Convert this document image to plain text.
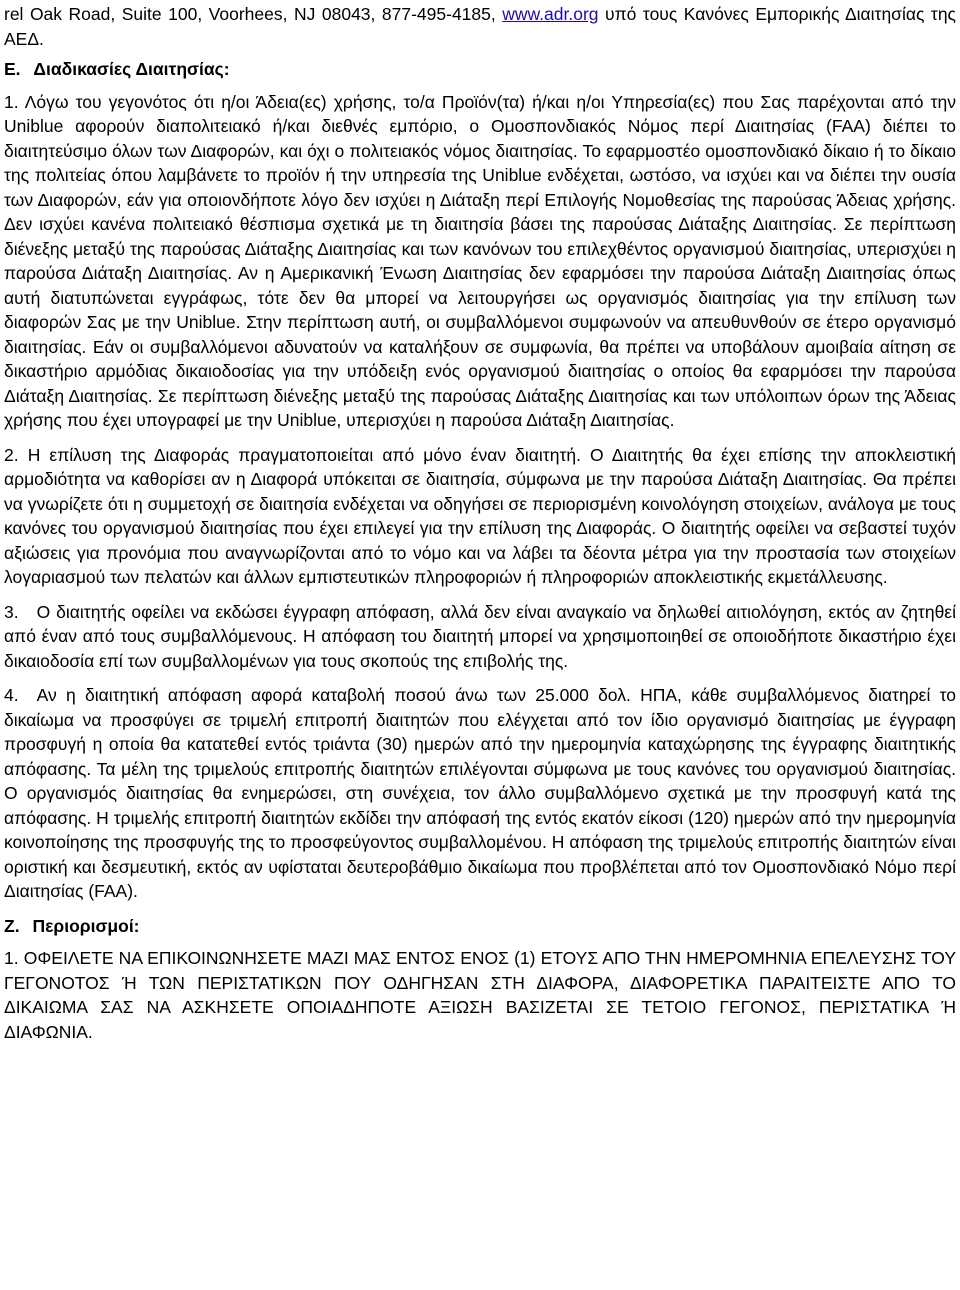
rel Oak Road, Suite 100, Voorhees, NJ 08043, 877-495-4185, www.adr.org υπό τους Κανόνες Εμπορικής Διαιτησίας της ΑΕΔ.

E. Διαδικασίες Διαιτησίας:

1. Λόγω του γεγονότος ότι η/οι Άδεια(ες) χρήσης, το/α Προϊόν(τα) ή/και η/οι Υπηρεσία(ες) που Σας παρέχονται από την Uniblue αφορούν διαπολιτειακό ή/και διεθνές εμπόριο, ο Ομοσπονδιακός Νόμος περί Διαιτησίας (FAA) διέπει το διαιτητεύσιμο όλων των Διαφορών, και όχι ο πολιτειακός νόμος διαιτησίας. Το εφαρμοστέο ομοσπονδιακό δίκαιο ή το δίκαιο της πολιτείας όπου λαμβάνετε το προϊόν ή την υπηρεσία της Uniblue ενδέχεται, ωστόσο, να ισχύει και να διέπει την ουσία των Διαφορών, εάν για οποιονδήποτε λόγο δεν ισχύει η Διάταξη περί Επιλογής Νομοθεσίας της παρούσας Άδειας χρήσης. Δεν ισχύει κανένα πολιτειακό θέσπισμα σχετικά με τη διαιτησία βάσει της παρούσας Διάταξης Διαιτησίας. Σε περίπτωση διένεξης μεταξύ της παρούσας Διάταξης Διαιτησίας και των κανόνων του επιλεχθέντος οργανισμού διαιτησίας, υπερισχύει η παρούσα Διάταξη Διαιτησίας. Αν η Αμερικανική Ένωση Διαιτησίας δεν εφαρμόσει την παρούσα Διάταξη Διαιτησίας όπως αυτή διατυπώνεται εγγράφως, τότε δεν θα μπορεί να λειτουργήσει ως οργανισμός διαιτησίας για την επίλυση των διαφορών Σας με την Uniblue. Στην περίπτωση αυτή, οι συμβαλλόμενοι συμφωνούν να απευθυνθούν σε έτερο οργανισμό διαιτησίας. Εάν οι συμβαλλόμενοι αδυνατούν να καταλήξουν σε συμφωνία, θα πρέπει να υποβάλουν αμοιβαία αίτηση σε δικαστήριο αρμόδιας δικαιοδοσίας για την υπόδειξη ενός οργανισμού διαιτησίας ο οποίος θα εφαρμόσει την παρούσα Διάταξη Διαιτησίας. Σε περίπτωση διένεξης μεταξύ της παρούσας Διάταξης Διαιτησίας και των υπόλοιπων όρων της Άδειας χρήσης που έχει υπογραφεί με την Uniblue, υπερισχύει η παρούσα Διάταξη Διαιτησίας.

2. Η επίλυση της Διαφοράς πραγματοποιείται από μόνο έναν διαιτητή. Ο Διαιτητής θα έχει επίσης την αποκλειστική αρμοδιότητα να καθορίσει αν η Διαφορά υπόκειται σε διαιτησία, σύμφωνα με την παρούσα Διάταξη Διαιτησίας. Θα πρέπει να γνωρίζετε ότι η συμμετοχή σε διαιτησία ενδέχεται να οδηγήσει σε περιορισμένη κοινολόγηση στοιχείων, ανάλογα με τους κανόνες του οργανισμού διαιτησίας που έχει επιλεγεί για την επίλυση της Διαφοράς. Ο διαιτητής οφείλει να σεβαστεί τυχόν αξιώσεις για προνόμια που αναγνωρίζονται από το νόμο και να λάβει τα δέοντα μέτρα για την προστασία των στοιχείων λογαριασμού των πελατών και άλλων εμπιστευτικών πληροφοριών ή πληροφοριών αποκλειστικής εκμετάλλευσης.

3. Ο διαιτητής οφείλει να εκδώσει έγγραφη απόφαση, αλλά δεν είναι αναγκαίο να δηλωθεί αιτιολόγηση, εκτός αν ζητηθεί από έναν από τους συμβαλλόμενους. Η απόφαση του διαιτητή μπορεί να χρησιμοποιηθεί σε οποιοδήποτε δικαστήριο έχει δικαιοδοσία επί των συμβαλλομένων για τους σκοπούς της επιβολής της.

4. Αν η διαιτητική απόφαση αφορά καταβολή ποσού άνω των 25.000 δολ. ΗΠΑ, κάθε συμβαλλόμενος διατηρεί το δικαίωμα να προσφύγει σε τριμελή επιτροπή διαιτητών που ελέγχεται από τον ίδιο οργανισμό διαιτησίας με έγγραφη προσφυγή η οποία θα κατατεθεί εντός τριάντα (30) ημερών από την ημερομηνία καταχώρησης της έγγραφης διαιτητικής απόφασης. Τα μέλη της τριμελούς επιτροπής διαιτητών επιλέγονται σύμφωνα με τους κανόνες του οργανισμού διαιτησίας. Ο οργανισμός διαιτησίας θα ενημερώσει, στη συνέχεια, τον άλλο συμβαλλόμενο σχετικά με την προσφυγή κατά της απόφασης. Η τριμελής επιτροπή διαιτητών εκδίδει την απόφασή της εντός εκατόν είκοσι (120) ημερών από την ημερομηνία κοινοποίησης της προσφυγής της το προσφεύγοντος συμβαλλομένου. Η απόφαση της τριμελούς επιτροπής διαιτητών είναι οριστική και δεσμευτική, εκτός αν υφίσταται δευτεροβάθμιο δικαίωμα που προβλέπεται από τον Ομοσπονδιακό Νόμο περί Διαιτησίας (FAA).

Z. Περιορισμοί:

1. ΟΦΕΙΛΕΤΕ ΝΑ ΕΠΙΚΟΙΝΩΝΗΣΕΤΕ ΜΑΖΙ ΜΑΣ ΕΝΤΟΣ ΕΝΟΣ (1) ΕΤΟΥΣ ΑΠΟ ΤΗΝ ΗΜΕΡΟΜΗΝΙΑ ΕΠΕΛΕΥΣΗΣ ΤΟΥ ΓΕΓΟΝΟΤΟΣ Ή ΤΩΝ ΠΕΡΙΣΤΑΤΙΚΩΝ ΠΟΥ ΟΔΗΓΗΣΑΝ ΣΤΗ ΔΙΑΦΟΡΑ, ΔΙΑΦΟΡΕΤΙΚΑ ΠΑΡΑΙΤΕΙΣΤΕ ΑΠΟ ΤΟ ΔΙΚΑΙΩΜΑ ΣΑΣ ΝΑ ΑΣΚΗΣΕΤΕ ΟΠΟΙΑΔΗΠΟΤΕ ΑΞΙΩΣΗ ΒΑΣΙΖΕΤΑΙ ΣΕ ΤΕΤΟΙΟ ΓΕΓΟΝΟΣ, ΠΕΡΙΣΤΑΤΙΚΑ Ή ΔΙΑΦΩΝΙΑ.
